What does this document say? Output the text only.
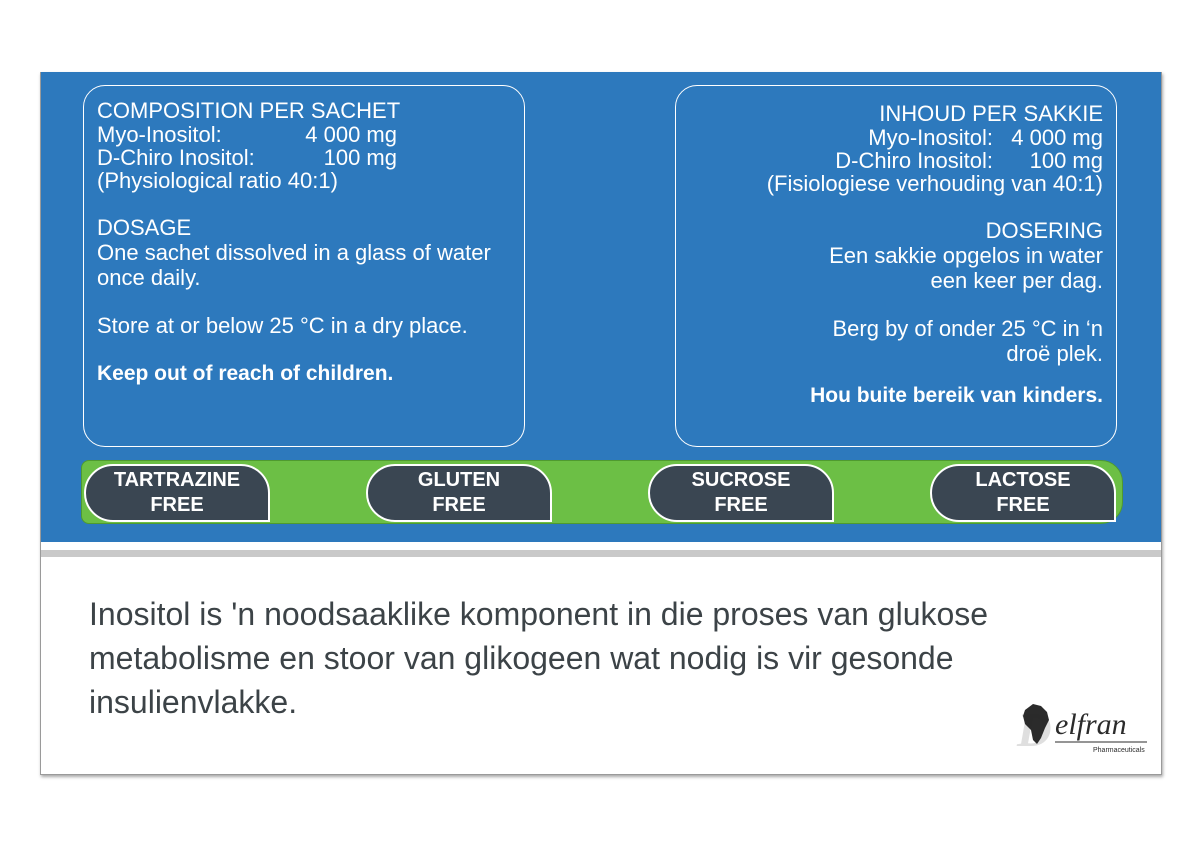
COMPOSITION PER SACHET

Myo-Inositol:	4 000 mg
D-Chiro Inositol:	100 mg

(Physiological ratio 40:1)

DOSAGE

One sachet dissolved in a glass of water once daily.

Store at or below 25 °C in a dry place.

Keep out of reach of children.

INHOUD PER SAKKIE

Myo-Inositol: 4 000 mg
D-Chiro Inositol:	100 mg

(Fisiologiese verhouding van 40:1)

DOSERING

Een sakkie opgelos in water

een keer per dag.

Berg by of onder 25 °C in ‘n

droë plek.

Hou buite bereik van kinders.

TARTRAZINE
FREE
GLUTEN
FREE
SUCROSE
FREE
LACTOSE
FREE

Inositol is 'n noodsaaklike komponent in die proses van glukose metabolisme en stoor van glikogeen wat nodig is vir gesonde insulienvlakke.

D elfran
Pharmaceuticals
